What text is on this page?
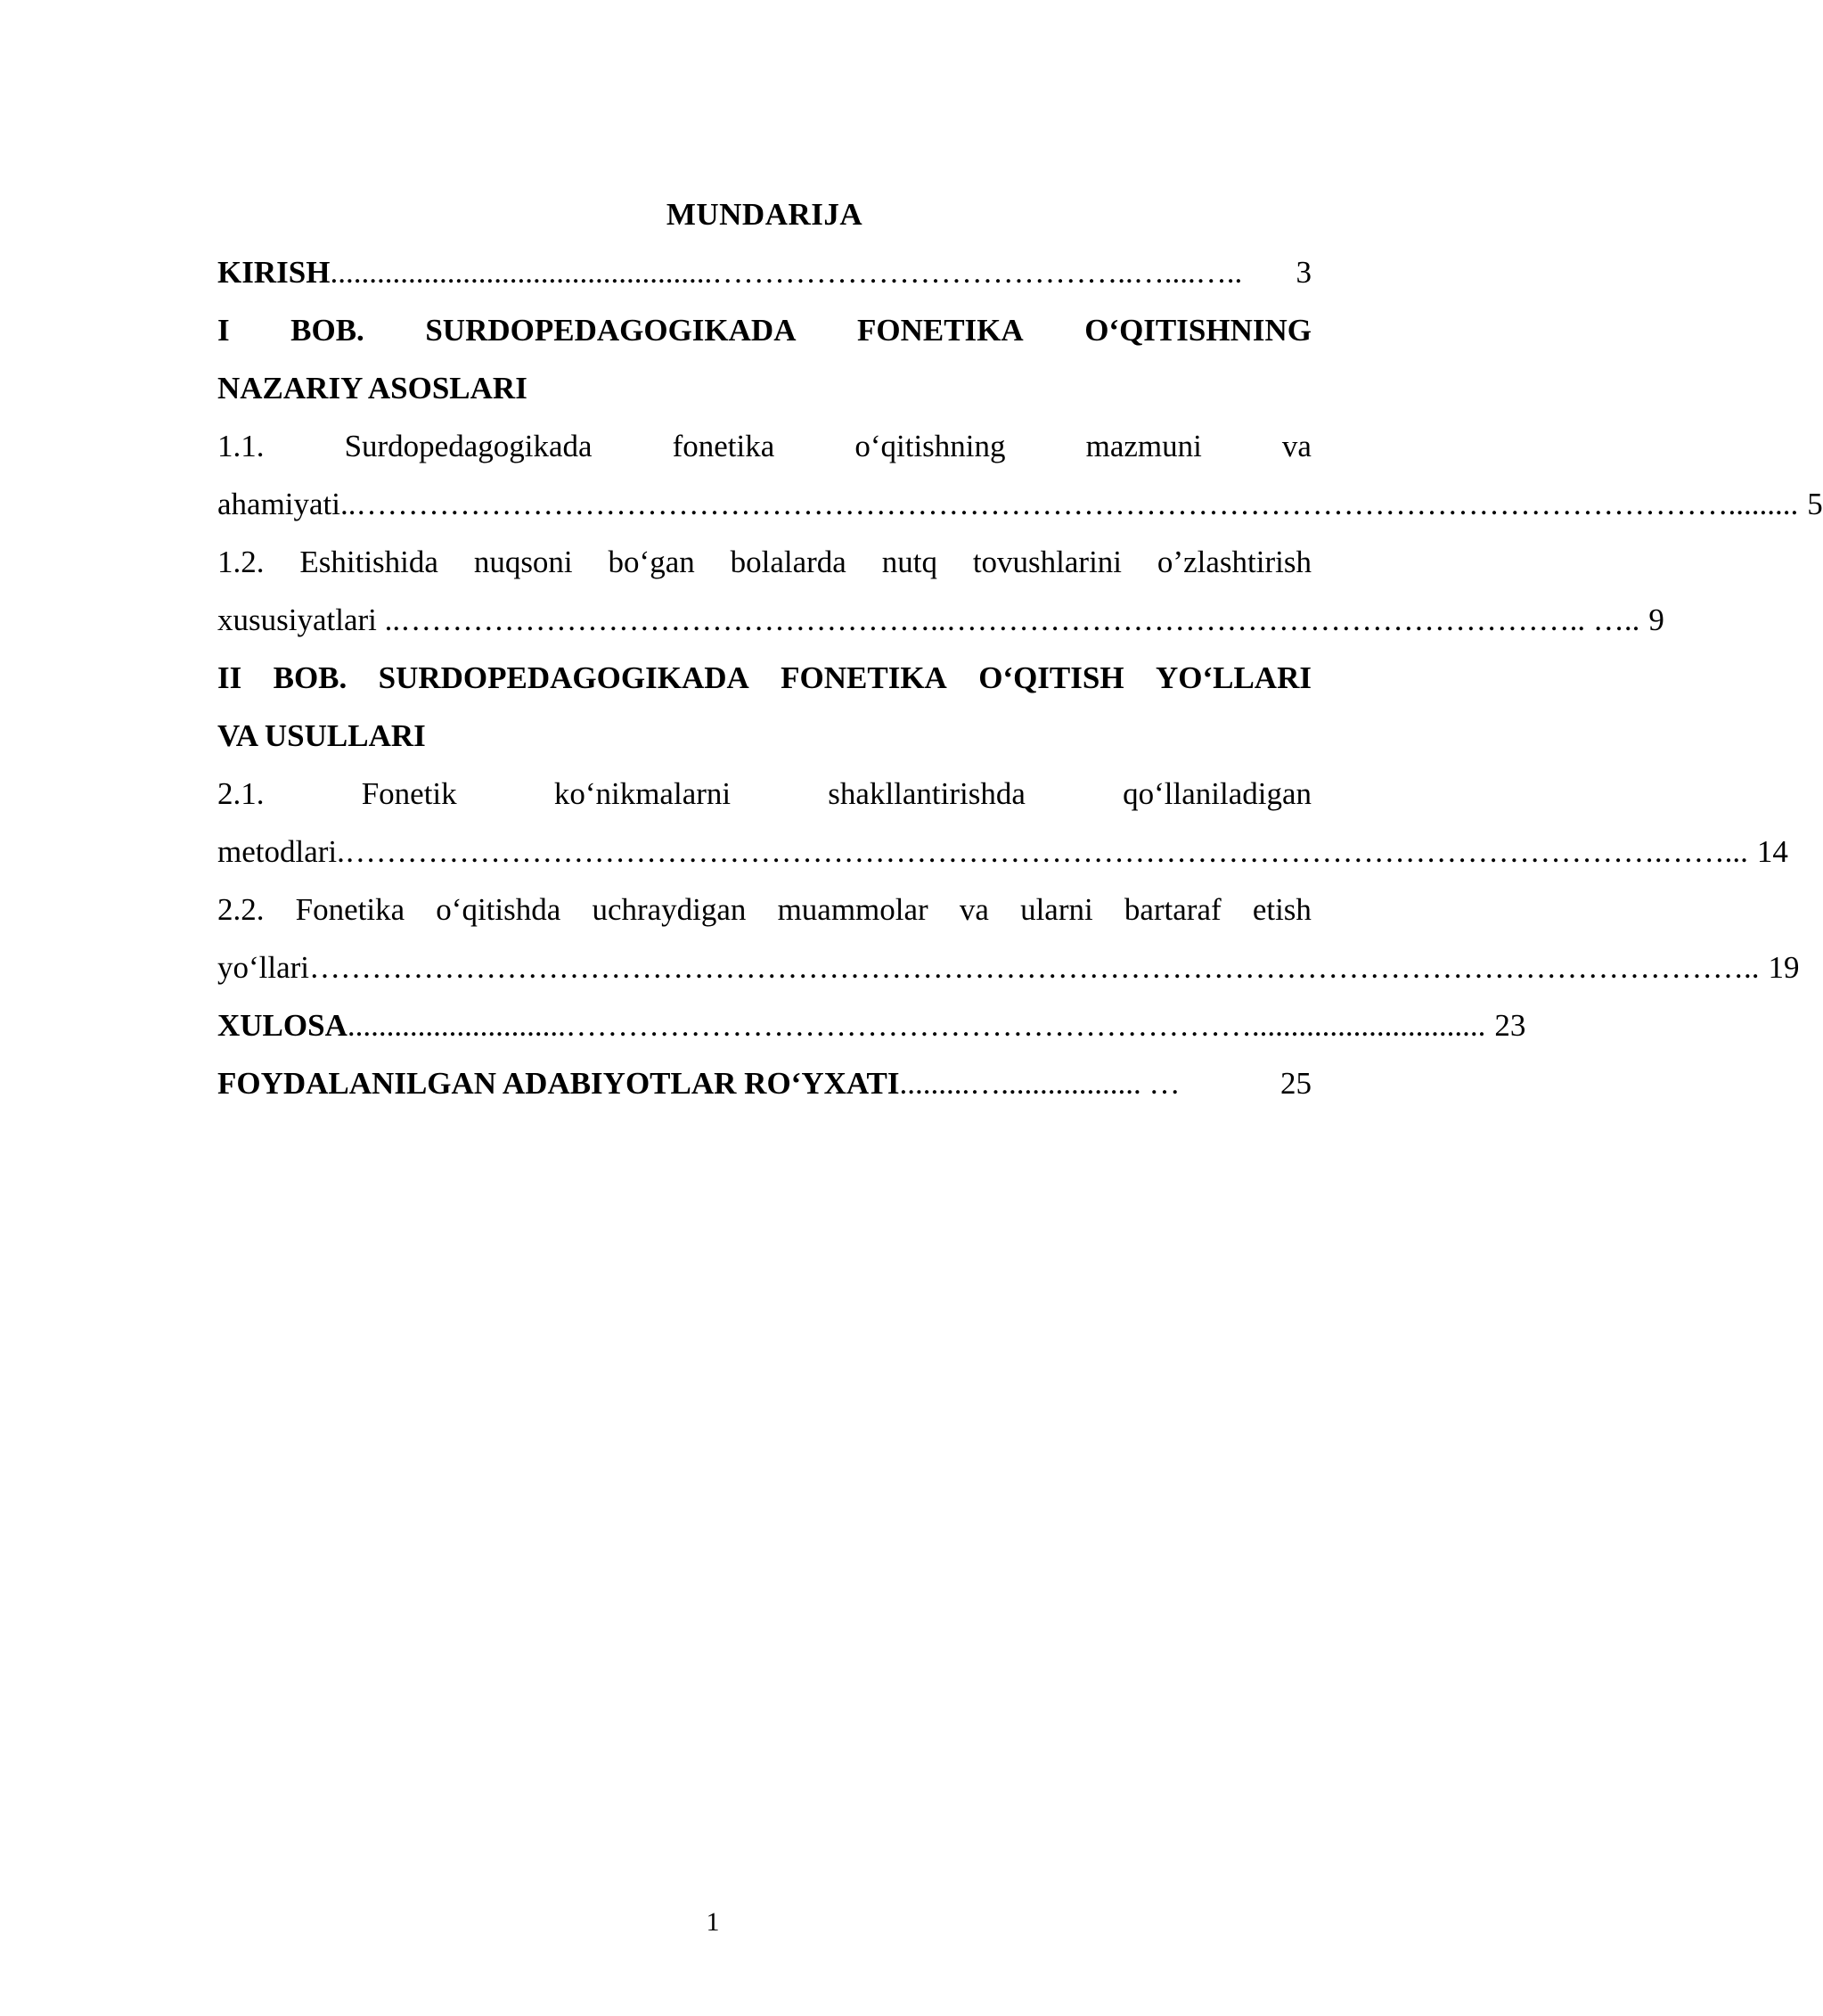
MUNDARIJA
KIRISH .................................................…………………………………..…....…..	3
I BOB. SURDOPEDAGOGIKADA FONETIKA O‘QITISHNING
NAZARIY ASOSLARI
1.1.	Surdopedagogikada	fonetika	o‘qitishning	mazmuni	va
ahamiyati.. ……………………………………………………………………………………………………………………......... 5
1.2. Eshitishida nuqsoni bo‘gan bolalarda nutq tovushlarini o’zlashtirish
xususiyatlari .. ……………………………………………..…………………………………………………….. ….. 9
II BOB. SURDOPEDAGOGIKADA FONETIKA O‘QITISH YO‘LLARI
VA USULLARI
2.1.	Fonetik	ko‘nikmalarni	shakllantirishda	qo‘llaniladigan
metodlari. ……………………………………………………………………………………………………………….……... 14
2.2. Fonetika o‘qitishda uchraydigan muammolar va ularni bartaraf etish
yo‘llari ………………………………………………………………………………………………………………………….. 19
XULOSA ............................………………………………………………………….............................. 23
FOYDALANILGAN ADABIYOTLAR RO‘YXATI .........….................. …	25
1
